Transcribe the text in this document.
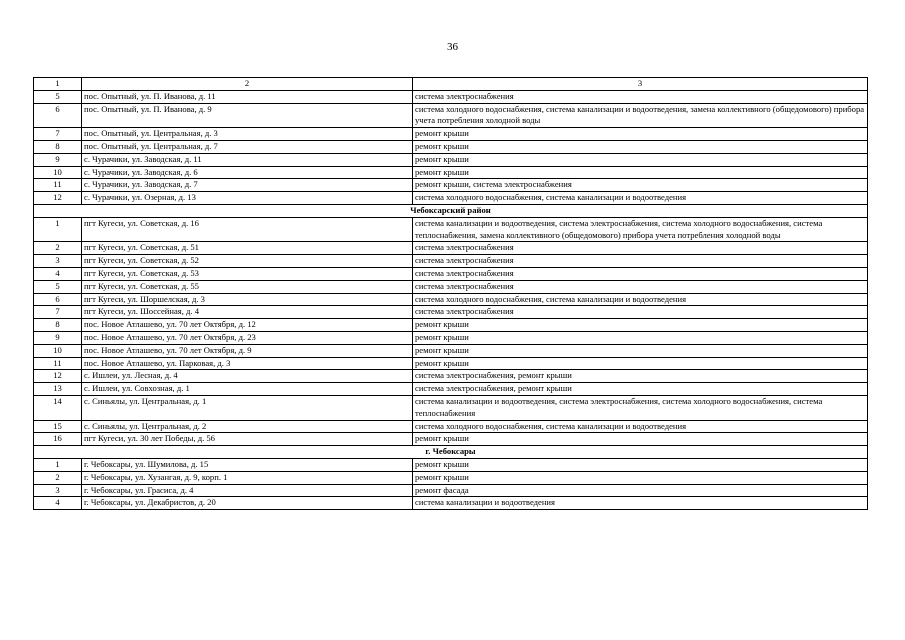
36
1	2	3
5	пос. Опытный, ул. П. Иванова, д. 11	система электроснабжения
6	пос. Опытный, ул. П. Иванова, д. 9	система холодного водоснабжения, система канализации и водоотведения, замена коллективного (общедомового) прибора учета потребления холодной воды
7	пос. Опытный, ул. Центральная, д. 3	ремонт крыши
8	пос. Опытный, ул. Центральная, д. 7	ремонт крыши
9	с. Чурачики, ул. Заводская, д. 11	ремонт крыши
10	с. Чурачики, ул. Заводская, д. 6	ремонт крыши
11	с. Чурачики, ул. Заводская, д. 7	ремонт крыши, система электроснабжения
12	с. Чурачики, ул. Озерная, д. 13	система холодного водоснабжения, система канализации и водоотведения
Чебоксарский район		
1	пгт Кугеси, ул. Советская, д. 16	система канализации и водоотведения, система электроснабжения, система холодного водоснабжения, система теплоснабжения, замена коллективного (общедомового) прибора учета потребления холодной воды
2	пгт Кугеси, ул. Советская, д. 51	система электроснабжения
3	пгт Кугеси, ул. Советская, д. 52	система электроснабжения
4	пгт Кугеси, ул. Советская, д. 53	система электроснабжения
5	пгт Кугеси, ул. Советская, д. 55	система электроснабжения
6	пгт Кугеси, ул. Шоршелская, д. 3	система холодного водоснабжения, система канализации и водоотведения
7	пгт Кугеси, ул. Шоссейная, д. 4	система электроснабжения
8	пос. Новое Атлашево, ул. 70 лет Октября, д. 12	ремонт крыши
9	пос. Новое Атлашево, ул. 70 лет Октября, д. 23	ремонт крыши
10	пос. Новое Атлашево, ул. 70 лет Октября, д. 9	ремонт крыши
11	пос. Новое Атлашево, ул. Парковая, д. 3	ремонт крыши
12	с. Ишлеи, ул. Лесная, д. 4	система электроснабжения, ремонт крыши
13	с. Ишлеи, ул. Совхозная, д. 1	система электроснабжения, ремонт крыши
14	с. Синьялы, ул. Центральная, д. 1	система канализации и водоотведения, система электроснабжения, система холодного водоснабжения, система теплоснабжения
15	с. Синьялы, ул. Центральная, д. 2	система холодного водоснабжения, система канализации и водоотведения
16	пгт Кугеси, ул. 30 лет Победы, д. 56	ремонт крыши
г. Чебоксары		
1	г. Чебоксары, ул. Шумилова, д. 15	ремонт крыши
2	г. Чебоксары, ул. Хузангая, д. 9, корп. 1	ремонт крыши
3	г. Чебоксары, ул. Грасиса, д. 4	ремонт фасада
4	г. Чебоксары, ул. Декабристов, д. 20	система канализации и водоотведения
